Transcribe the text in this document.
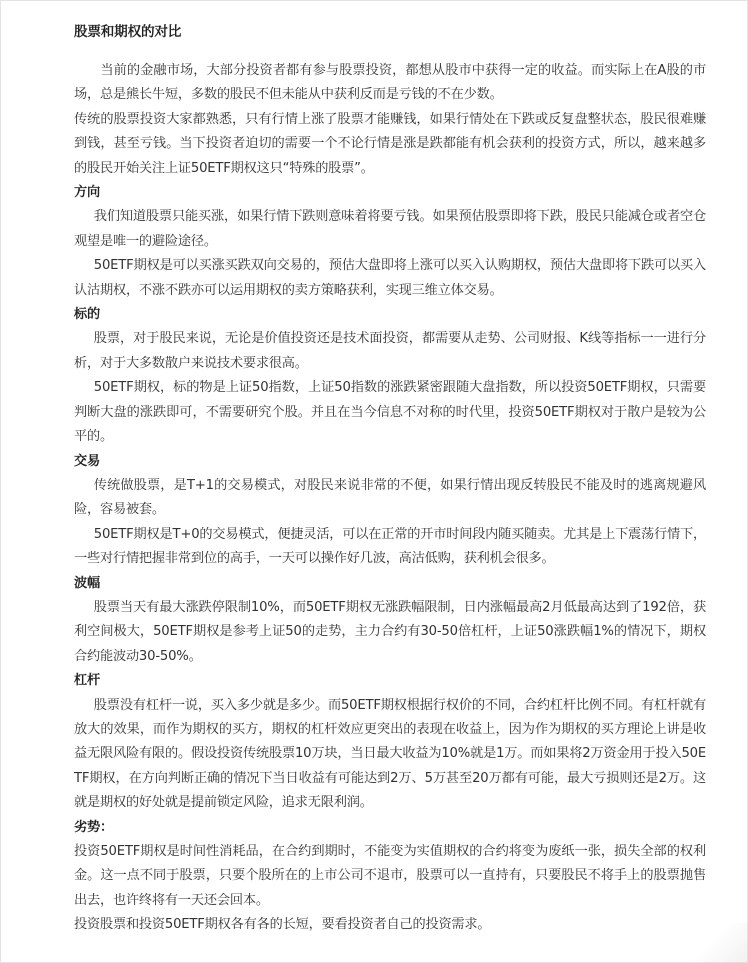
股票和期权的对比

当前的金融市场，大部分投资者都有参与股票投资，都想从股市中获得一定的收益。而实际上在A股的市场，总是熊长牛短，多数的股民不但未能从中获利反而是亏钱的不在少数。

传统的股票投资大家都熟悉，只有行情上涨了股票才能赚钱，如果行情处在下跌或反复盘整状态，股民很难赚到钱，甚至亏钱。当下投资者迫切的需要一个不论行情是涨是跌都能有机会获利的投资方式，所以，越来越多的股民开始关注上证50ETF期权这只“特殊的股票”。

方向

我们知道股票只能买涨，如果行情下跌则意味着将要亏钱。如果预估股票即将下跌，股民只能减仓或者空仓观望是唯一的避险途径。

50ETF期权是可以买涨买跌双向交易的，预估大盘即将上涨可以买入认购期权，预估大盘即将下跌可以买入认沽期权，不涨不跌亦可以运用期权的卖方策略获利，实现三维立体交易。

标的

股票，对于股民来说，无论是价值投资还是技术面投资，都需要从走势、公司财报、K线等指标一一进行分析，对于大多数散户来说技术要求很高。

50ETF期权，标的物是上证50指数，上证50指数的涨跌紧密跟随大盘指数，所以投资50ETF期权，只需要判断大盘的涨跌即可，不需要研究个股。并且在当今信息不对称的时代里，投资50ETF期权对于散户是较为公平的。

交易

传统做股票，是T+1的交易模式，对股民来说非常的不便，如果行情出现反转股民不能及时的逃离规避风险，容易被套。

50ETF期权是T+0的交易模式，便捷灵活，可以在正常的开市时间段内随买随卖。尤其是上下震荡行情下，一些对行情把握非常到位的高手，一天可以操作好几波，高沽低购，获利机会很多。

波幅

股票当天有最大涨跌停限制10%，而50ETF期权无涨跌幅限制，日内涨幅最高2月低最高达到了192倍，获利空间极大，50ETF期权是参考上证50的走势，主力合约有30-50倍杠杆，上证50涨跌幅1%的情况下，期权合约能波动30-50%。

杠杆

股票没有杠杆一说，买入多少就是多少。而50ETF期权根据行权价的不同，合约杠杆比例不同。有杠杆就有放大的效果，而作为期权的买方，期权的杠杆效应更突出的表现在收益上，因为作为期权的买方理论上讲是收益无限风险有限的。假设投资传统股票10万块，当日最大收益为10%就是1万。而如果将2万资金用于投入50ETF期权，在方向判断正确的情况下当日收益有可能达到2万、5万甚至20万都有可能，最大亏损则还是2万。这就是期权的好处就是提前锁定风险，追求无限利润。

劣势：

投资50ETF期权是时间性消耗品，在合约到期时，不能变为实值期权的合约将变为废纸一张，损失全部的权利金。这一点不同于股票，只要个股所在的上市公司不退市，股票可以一直持有，只要股民不将手上的股票抛售出去，也许终将有一天还会回本。

投资股票和投资50ETF期权各有各的长短，要看投资者自己的投资需求。
